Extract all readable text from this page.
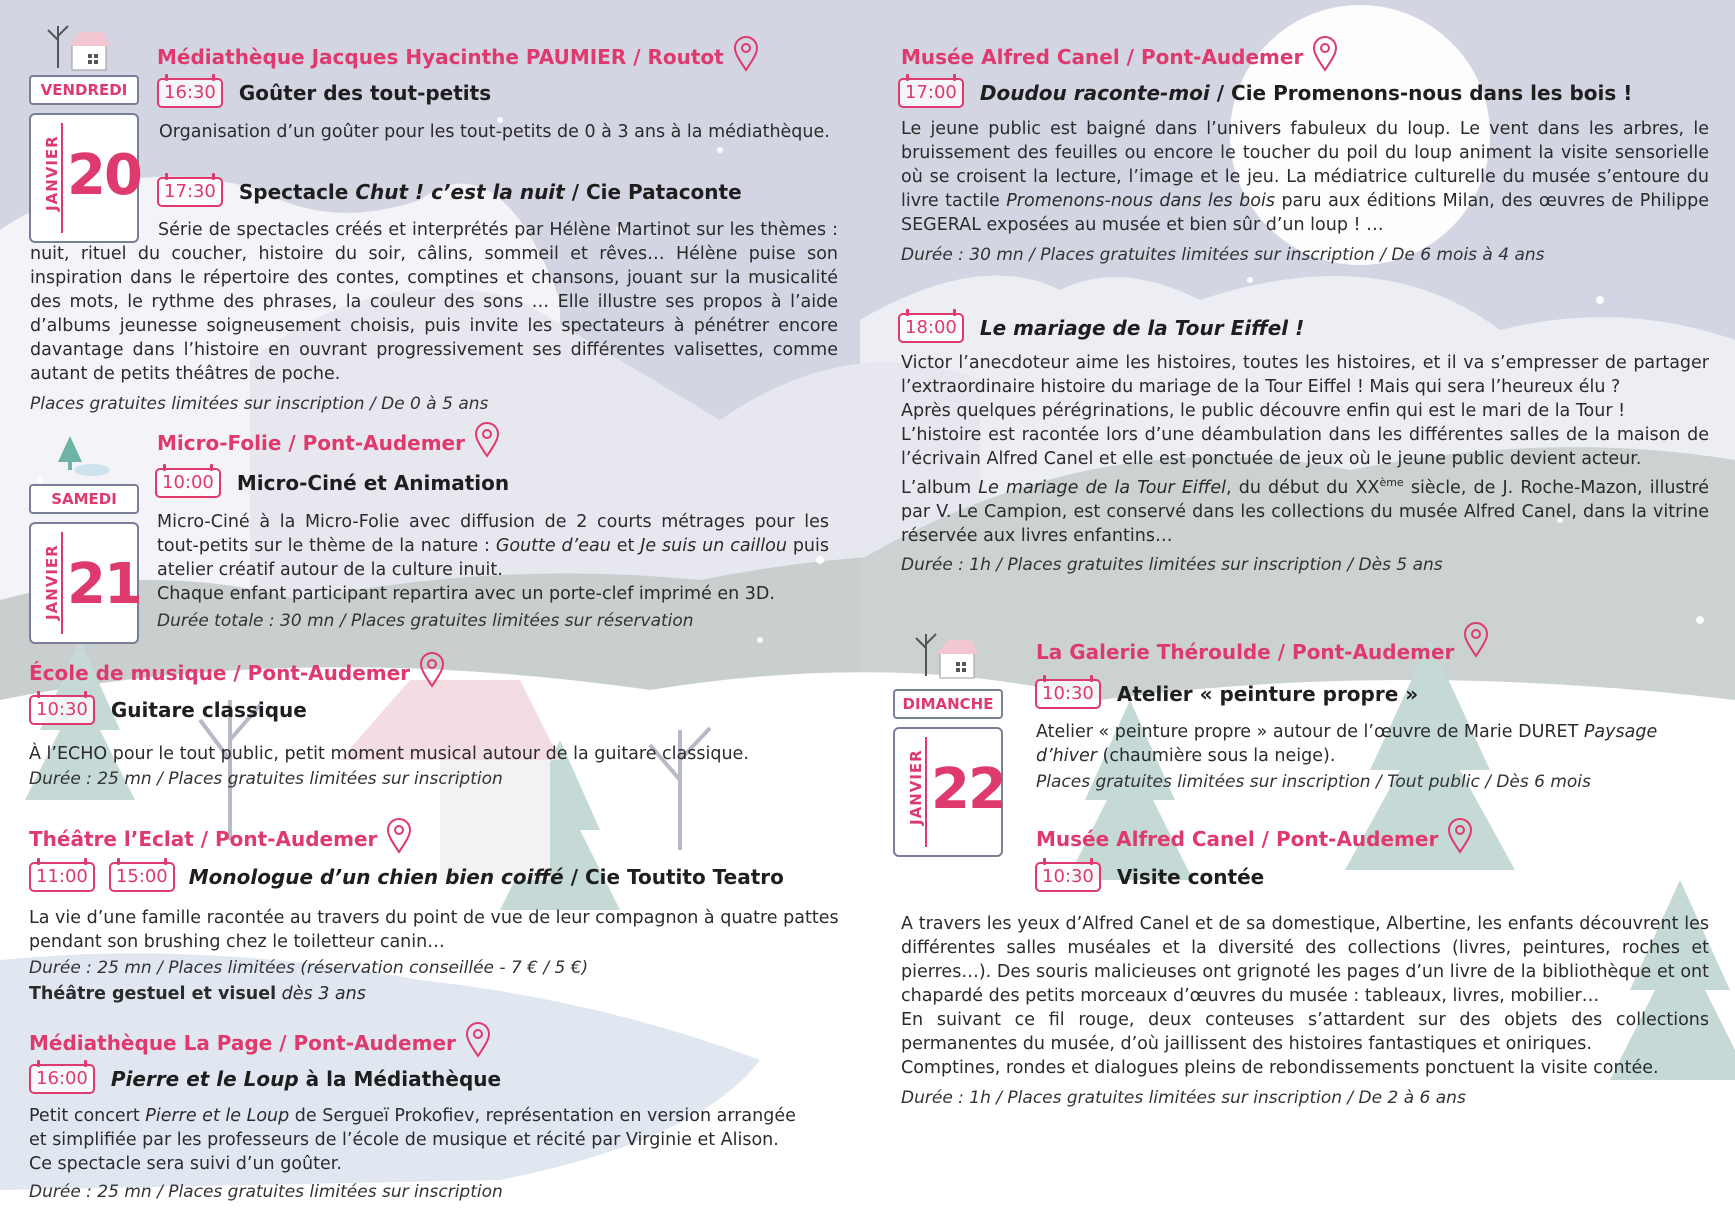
VENDREDI
JANVIER 20
SAMEDI
JANVIER 21
DIMANCHE
JANVIER 22
Médiathèque Jacques Hyacinthe PAUMIER / Routot
16:30	Goûter des tout-petits
Organisation d’un goûter pour les tout-petits de 0 à 3 ans à la médiathèque.
17:30	Spectacle Chut ! c’est la nuit / Cie Pataconte
Série de spectacles créés et interprétés par Hélène Martinot sur les thèmes : nuit, rituel du coucher, histoire du soir, câlins, sommeil et rêves… Hélène puise son inspiration dans le répertoire des contes, comptines et chansons, jouant sur la musicalité des mots, le rythme des phrases, la couleur des sons … Elle illustre ses propos à l’aide d’albums jeunesse soigneusement choisis, puis invite les spectateurs à pénétrer encore davantage dans l’histoire en ouvrant progressivement ses différentes valisettes, comme autant de petits théâtres de poche.
Places gratuites limitées sur inscription / De 0 à 5 ans
Micro-Folie / Pont-Audemer
10:00	Micro-Ciné et Animation
Micro-Ciné à la Micro-Folie avec diffusion de 2 courts métrages pour les tout-petits sur le thème de la nature : Goutte d’eau et Je suis un caillou puis atelier créatif autour de la culture inuit.
Chaque enfant participant repartira avec un porte-clef imprimé en 3D.
Durée totale : 30 mn / Places gratuites limitées sur réservation
École de musique / Pont-Audemer
10:30	Guitare classique
À l’ECHO pour le tout public, petit moment musical autour de la guitare classique.
Durée : 25 mn / Places gratuites limitées sur inscription
Théâtre l’Eclat / Pont-Audemer
11:00	15:00	Monologue d’un chien bien coiffé / Cie Toutito Teatro
La vie d’une famille racontée au travers du point de vue de leur compagnon à quatre pattes pendant son brushing chez le toiletteur canin…
Durée : 25 mn / Places limitées (réservation conseillée - 7 € / 5 €)
Théâtre gestuel et visuel dès 3 ans
Médiathèque La Page / Pont-Audemer
16:00	Pierre et le Loup à la Médiathèque
Petit concert Pierre et le Loup de Sergueï Prokofiev, représentation en version arrangée et simplifiée par les professeurs de l’école de musique et récité par Virginie et Alison.
Ce spectacle sera suivi d’un goûter.
Durée : 25 mn / Places gratuites limitées sur inscription
Musée Alfred Canel / Pont-Audemer
17:00	Doudou raconte-moi / Cie Promenons-nous dans les bois !
Le jeune public est baigné dans l’univers fabuleux du loup. Le vent dans les arbres, le bruissement des feuilles ou encore le toucher du poil du loup animent la visite sensorielle où se croisent la lecture, l’image et le jeu. La médiatrice culturelle du musée s’entoure du livre tactile Promenons-nous dans les bois paru aux éditions Milan, des œuvres de Philippe SEGERAL exposées au musée et bien sûr d’un loup ! …
Durée : 30 mn / Places gratuites limitées sur inscription / De 6 mois à 4 ans
18:00	Le mariage de la Tour Eiffel !
Victor l’anecdoteur aime les histoires, toutes les histoires, et il va s’empresser de partager l’extraordinaire histoire du mariage de la Tour Eiffel ! Mais qui sera l’heureux élu ?
Après quelques pérégrinations, le public découvre enfin qui est le mari de la Tour !
L’histoire est racontée lors d’une déambulation dans les différentes salles de la maison de l’écrivain Alfred Canel et elle est ponctuée de jeux où le jeune public devient acteur.
L’album Le mariage de la Tour Eiffel, du début du XXème siècle, de J. Roche-Mazon, illustré par V. Le Campion, est conservé dans les collections du musée Alfred Canel, dans la vitrine réservée aux livres enfantins…
Durée : 1h / Places gratuites limitées sur inscription / Dès 5 ans
La Galerie Théroulde / Pont-Audemer
10:30	Atelier « peinture propre »
Atelier « peinture propre » autour de l’œuvre de Marie DURET Paysage d’hiver (chaumière sous la neige).
Places gratuites limitées sur inscription / Tout public / Dès 6 mois
Musée Alfred Canel / Pont-Audemer
10:30	Visite contée
A travers les yeux d’Alfred Canel et de sa domestique, Albertine, les enfants découvrent les différentes salles muséales et la diversité des collections (livres, peintures, roches et pierres…). Des souris malicieuses ont grignoté les pages d’un livre de la bibliothèque et ont chapardé des petits morceaux d’œuvres du musée : tableaux, livres, mobilier…
En suivant ce fil rouge, deux conteuses s’attardent sur des objets des collections permanentes du musée, d’où jaillissent des histoires fantastiques et oniriques.
Comptines, rondes et dialogues pleins de rebondissements ponctuent la visite contée.
Durée : 1h / Places gratuites limitées sur inscription / De 2 à 6 ans
